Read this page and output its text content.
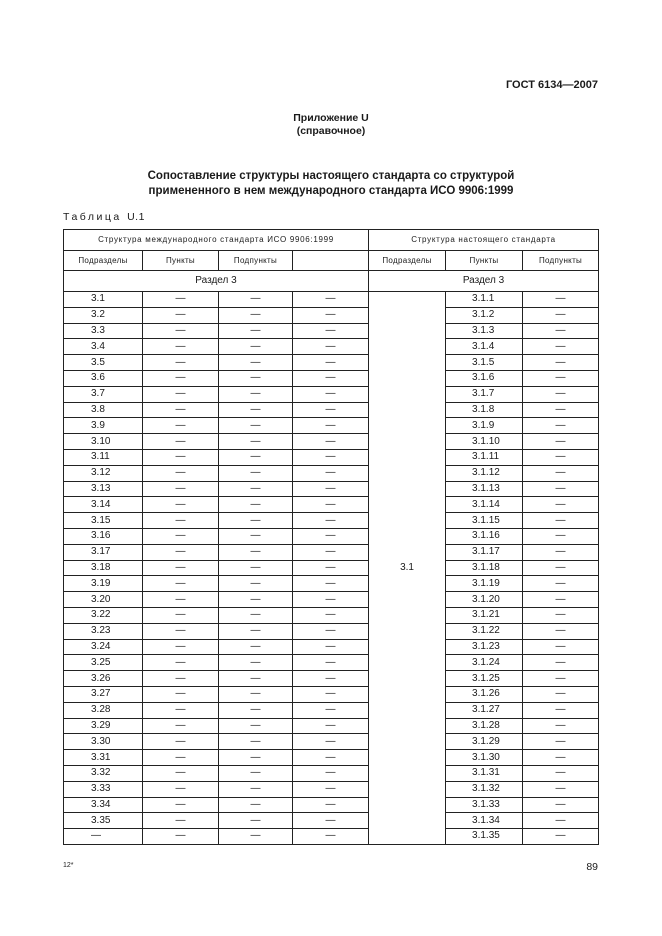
ГОСТ 6134—2007
Приложение U
(справочное)
Сопоставление структуры настоящего стандарта со структурой
примененного в нем международного стандарта ИСО 9906:1999
Таблица U.1
Структура международного стандарта ИСО 9906:1999				Структура настоящего стандарта		
Подразделы	Пункты	Подпункты		Подразделы	Пункты	Подпункты
Раздел 3				Раздел 3		
3.1	—	—	—	3.1	3.1.1	—
3.2	—	—	—		3.1.2	—
3.3	—	—	—		3.1.3	—
3.4	—	—	—		3.1.4	—
3.5	—	—	—		3.1.5	—
3.6	—	—	—		3.1.6	—
3.7	—	—	—		3.1.7	—
3.8	—	—	—		3.1.8	—
3.9	—	—	—		3.1.9	—
3.10	—	—	—		3.1.10	—
3.11	—	—	—		3.1.11	—
3.12	—	—	—		3.1.12	—
3.13	—	—	—		3.1.13	—
3.14	—	—	—		3.1.14	—
3.15	—	—	—		3.1.15	—
3.16	—	—	—		3.1.16	—
3.17	—	—	—		3.1.17	—
3.18	—	—	—		3.1.18	—
3.19	—	—	—		3.1.19	—
3.20	—	—	—		3.1.20	—
3.22	—	—	—		3.1.21	—
3.23	—	—	—		3.1.22	—
3.24	—	—	—		3.1.23	—
3.25	—	—	—		3.1.24	—
3.26	—	—	—		3.1.25	—
3.27	—	—	—		3.1.26	—
3.28	—	—	—		3.1.27	—
3.29	—	—	—		3.1.28	—
3.30	—	—	—		3.1.29	—
3.31	—	—	—		3.1.30	—
3.32	—	—	—		3.1.31	—
3.33	—	—	—		3.1.32	—
3.34	—	—	—		3.1.33	—
3.35	—	—	—		3.1.34	—
—	—	—	—		3.1.35	—
12*	89
